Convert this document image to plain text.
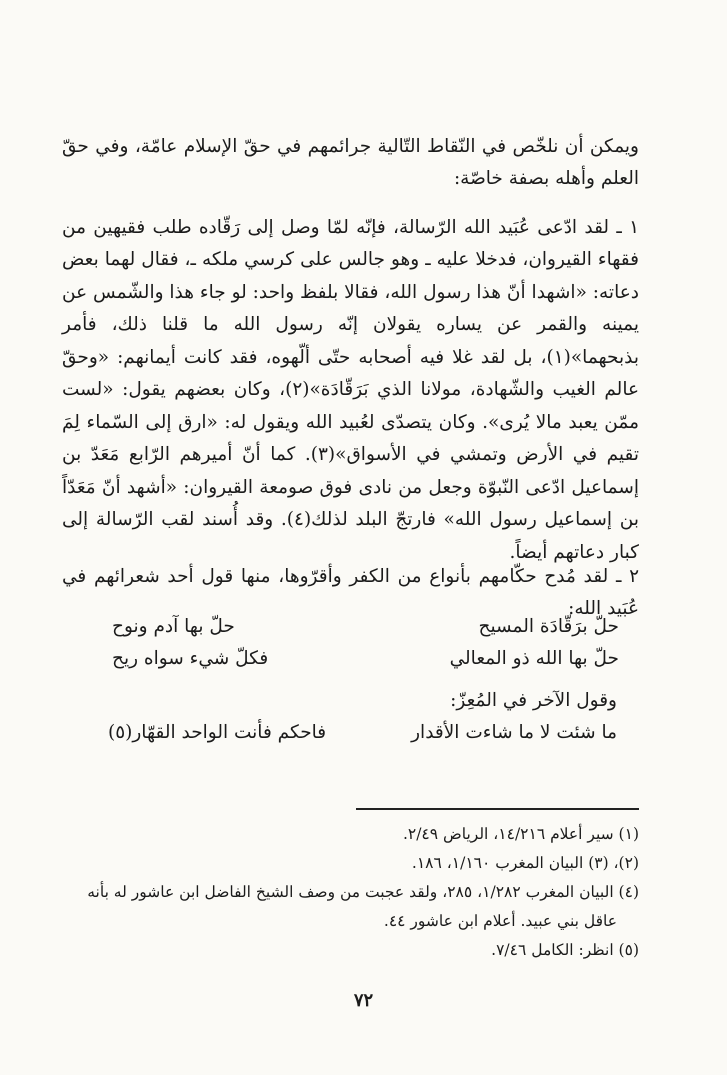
ويمكن أن نلخّص في النّقاط التّالية جرائمهم في حقّ الإسلام عامّة، وفي حقّ العلم وأهله بصفة خاصّة:

١ ـ لقد ادّعى عُبَيد الله الرّسالة، فإنّه لمّا وصل إلى رَقّاده طلب فقيهين من فقهاء القيروان، فدخلا عليه ـ وهو جالس على كرسي ملكه ـ، فقال لهما بعض دعاته: «اشهدا أنّ هذا رسول الله، فقالا بلفظ واحد: لو جاء هذا والشّمس عن يمينه والقمر عن يساره يقولان إنّه رسول الله ما قلنا ذلك، فأمر بذبحهما»(١)، بل لقد غلا فيه أصحابه حتّى ألّهوه، فقد كانت أيمانهم: «وحقّ عالم الغيب والشّهادة، مولانا الذي بَرَقّادَة»(٢)، وكان بعضهم يقول: «لست ممّن يعبد مالا يُرى». وكان يتصدّى لعُبيد الله ويقول له: «ارق إلى السّماء لِمَ تقيم في الأرض وتمشي في الأسواق»(٣). كما أنّ أميرهم الرّابع مَعَدّ بن إسماعيل ادّعى النّبوّة وجعل من نادى فوق صومعة القيروان: «أشهد أنّ مَعَدّاً بن إسماعيل رسول الله» فارتجّ البلد لذلك(٤). وقد أُسند لقب الرّسالة إلى كبار دعاتهم أيضاً.

٢ ـ لقد مُدح حكّامهم بأنواع من الكفر وأقرّوها، منها قول أحد شعرائهم في عُبَيد الله:

حلّ برَقّادَة المسيح
حلّ بها آدم ونوح
حلّ بها الله ذو المعالي
فكلّ شيء سواه ريح
وقول الآخر في المُعِزّ:
ما شئت لا ما شاءت الأقدار
فاحكم فأنت الواحد القهّار(٥)

(١) سير أعلام ١٤/٢١٦، الرياض ٢/٤٩.

(٢)، (٣) البيان المغرب ١/١٦٠، ١٨٦.

(٤) البيان المغرب ١/٢٨٢، ٢٨٥، ولقد عجبت من وصف الشيخ الفاضل ابن عاشور له بأنه

عاقل بني عبيد. أعلام ابن عاشور ٤٤.

(٥) انظر: الكامل ٧/٤٦.

٧٢
